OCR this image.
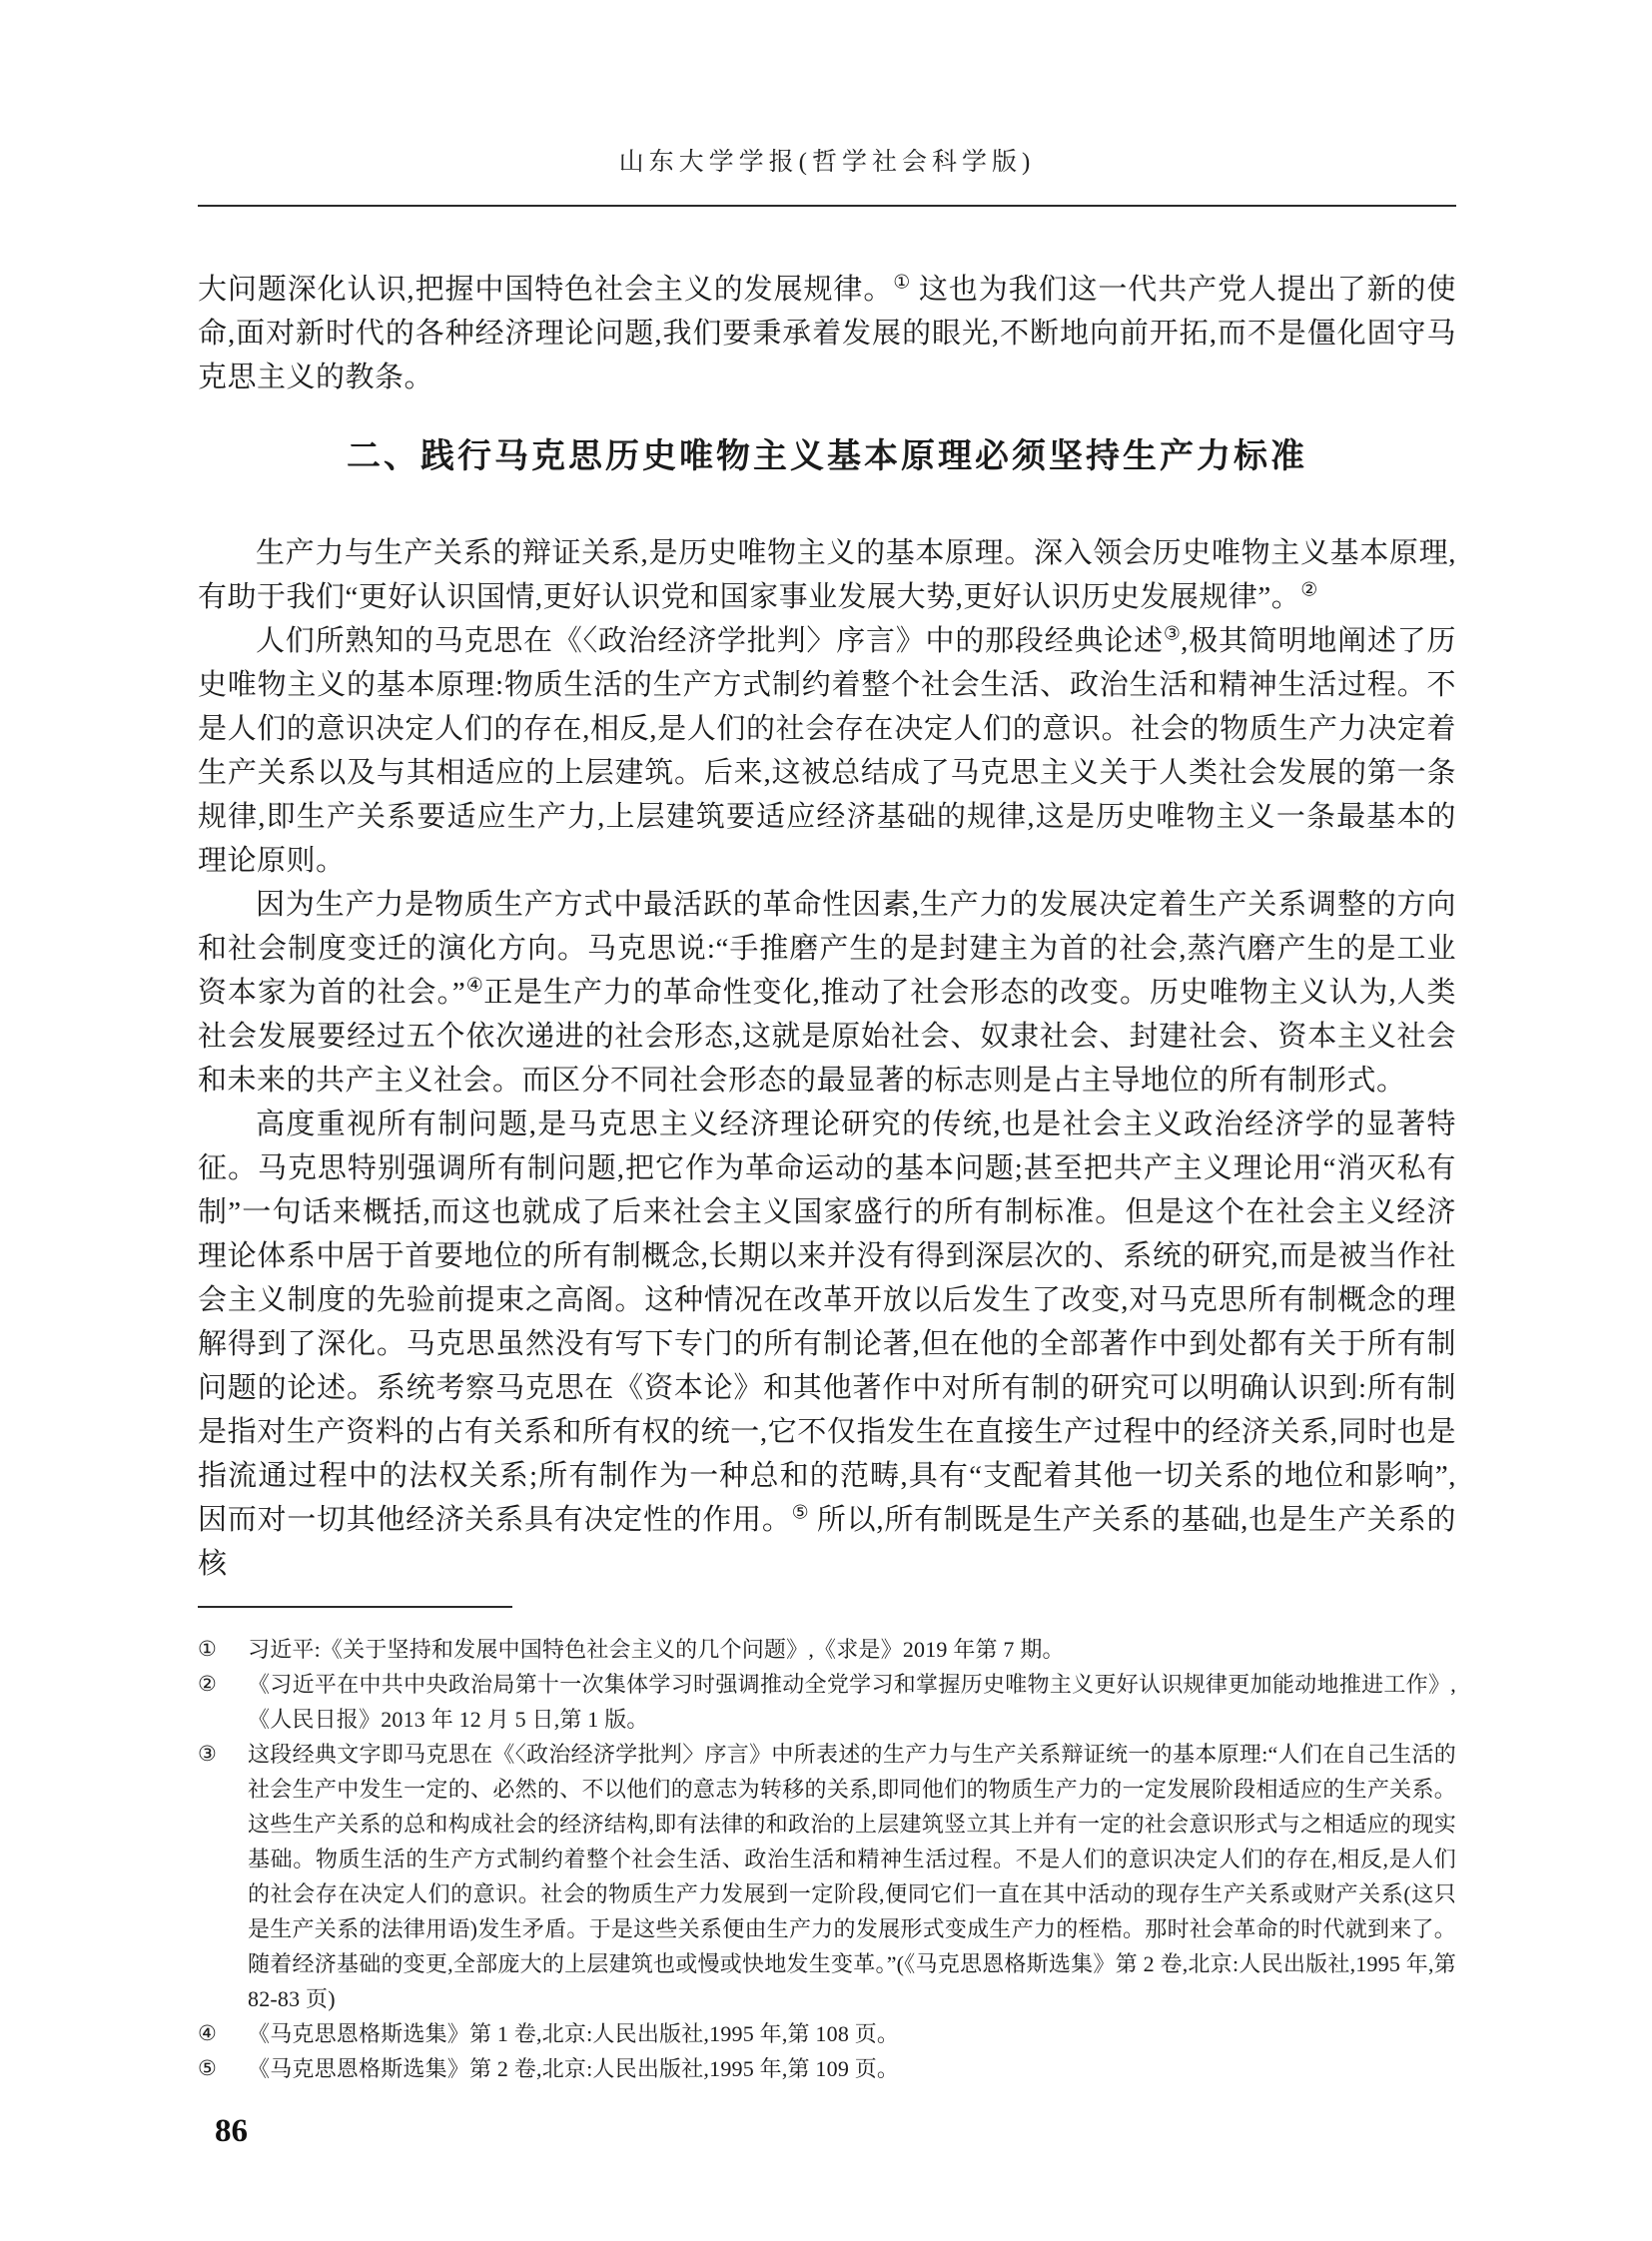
山东大学学报(哲学社会科学版)

大问题深化认识,把握中国特色社会主义的发展规律。① 这也为我们这一代共产党人提出了新的使命,面对新时代的各种经济理论问题,我们要秉承着发展的眼光,不断地向前开拓,而不是僵化固守马克思主义的教条。

二、践行马克思历史唯物主义基本原理必须坚持生产力标准

生产力与生产关系的辩证关系,是历史唯物主义的基本原理。深入领会历史唯物主义基本原理,有助于我们“更好认识国情,更好认识党和国家事业发展大势,更好认识历史发展规律”。②

人们所熟知的马克思在《〈政治经济学批判〉序言》中的那段经典论述③,极其简明地阐述了历史唯物主义的基本原理:物质生活的生产方式制约着整个社会生活、政治生活和精神生活过程。不是人们的意识决定人们的存在,相反,是人们的社会存在决定人们的意识。社会的物质生产力决定着生产关系以及与其相适应的上层建筑。后来,这被总结成了马克思主义关于人类社会发展的第一条规律,即生产关系要适应生产力,上层建筑要适应经济基础的规律,这是历史唯物主义一条最基本的理论原则。

因为生产力是物质生产方式中最活跃的革命性因素,生产力的发展决定着生产关系调整的方向和社会制度变迁的演化方向。马克思说:“手推磨产生的是封建主为首的社会,蒸汽磨产生的是工业资本家为首的社会。”④正是生产力的革命性变化,推动了社会形态的改变。历史唯物主义认为,人类社会发展要经过五个依次递进的社会形态,这就是原始社会、奴隶社会、封建社会、资本主义社会和未来的共产主义社会。而区分不同社会形态的最显著的标志则是占主导地位的所有制形式。

高度重视所有制问题,是马克思主义经济理论研究的传统,也是社会主义政治经济学的显著特征。马克思特别强调所有制问题,把它作为革命运动的基本问题;甚至把共产主义理论用“消灭私有制”一句话来概括,而这也就成了后来社会主义国家盛行的所有制标准。但是这个在社会主义经济理论体系中居于首要地位的所有制概念,长期以来并没有得到深层次的、系统的研究,而是被当作社会主义制度的先验前提束之高阁。这种情况在改革开放以后发生了改变,对马克思所有制概念的理解得到了深化。马克思虽然没有写下专门的所有制论著,但在他的全部著作中到处都有关于所有制问题的论述。系统考察马克思在《资本论》和其他著作中对所有制的研究可以明确认识到:所有制是指对生产资料的占有关系和所有权的统一,它不仅指发生在直接生产过程中的经济关系,同时也是指流通过程中的法权关系;所有制作为一种总和的范畴,具有“支配着其他一切关系的地位和影响”,因而对一切其他经济关系具有决定性的作用。⑤ 所以,所有制既是生产关系的基础,也是生产关系的核

①	习近平:《关于坚持和发展中国特色社会主义的几个问题》,《求是》2019 年第 7 期。

②	《习近平在中共中央政治局第十一次集体学习时强调推动全党学习和掌握历史唯物主义更好认识规律更加能动地推进工作》,《人民日报》2013 年 12 月 5 日,第 1 版。

③	这段经典文字即马克思在《〈政治经济学批判〉序言》中所表述的生产力与生产关系辩证统一的基本原理:“人们在自己生活的社会生产中发生一定的、必然的、不以他们的意志为转移的关系,即同他们的物质生产力的一定发展阶段相适应的生产关系。这些生产关系的总和构成社会的经济结构,即有法律的和政治的上层建筑竖立其上并有一定的社会意识形式与之相适应的现实基础。物质生活的生产方式制约着整个社会生活、政治生活和精神生活过程。不是人们的意识决定人们的存在,相反,是人们的社会存在决定人们的意识。社会的物质生产力发展到一定阶段,便同它们一直在其中活动的现存生产关系或财产关系(这只是生产关系的法律用语)发生矛盾。于是这些关系便由生产力的发展形式变成生产力的桎梏。那时社会革命的时代就到来了。随着经济基础的变更,全部庞大的上层建筑也或慢或快地发生变革。”(《马克思恩格斯选集》第 2 卷,北京:人民出版社,1995 年,第 82-83 页)

④	《马克思恩格斯选集》第 1 卷,北京:人民出版社,1995 年,第 108 页。

⑤	《马克思恩格斯选集》第 2 卷,北京:人民出版社,1995 年,第 109 页。

86
